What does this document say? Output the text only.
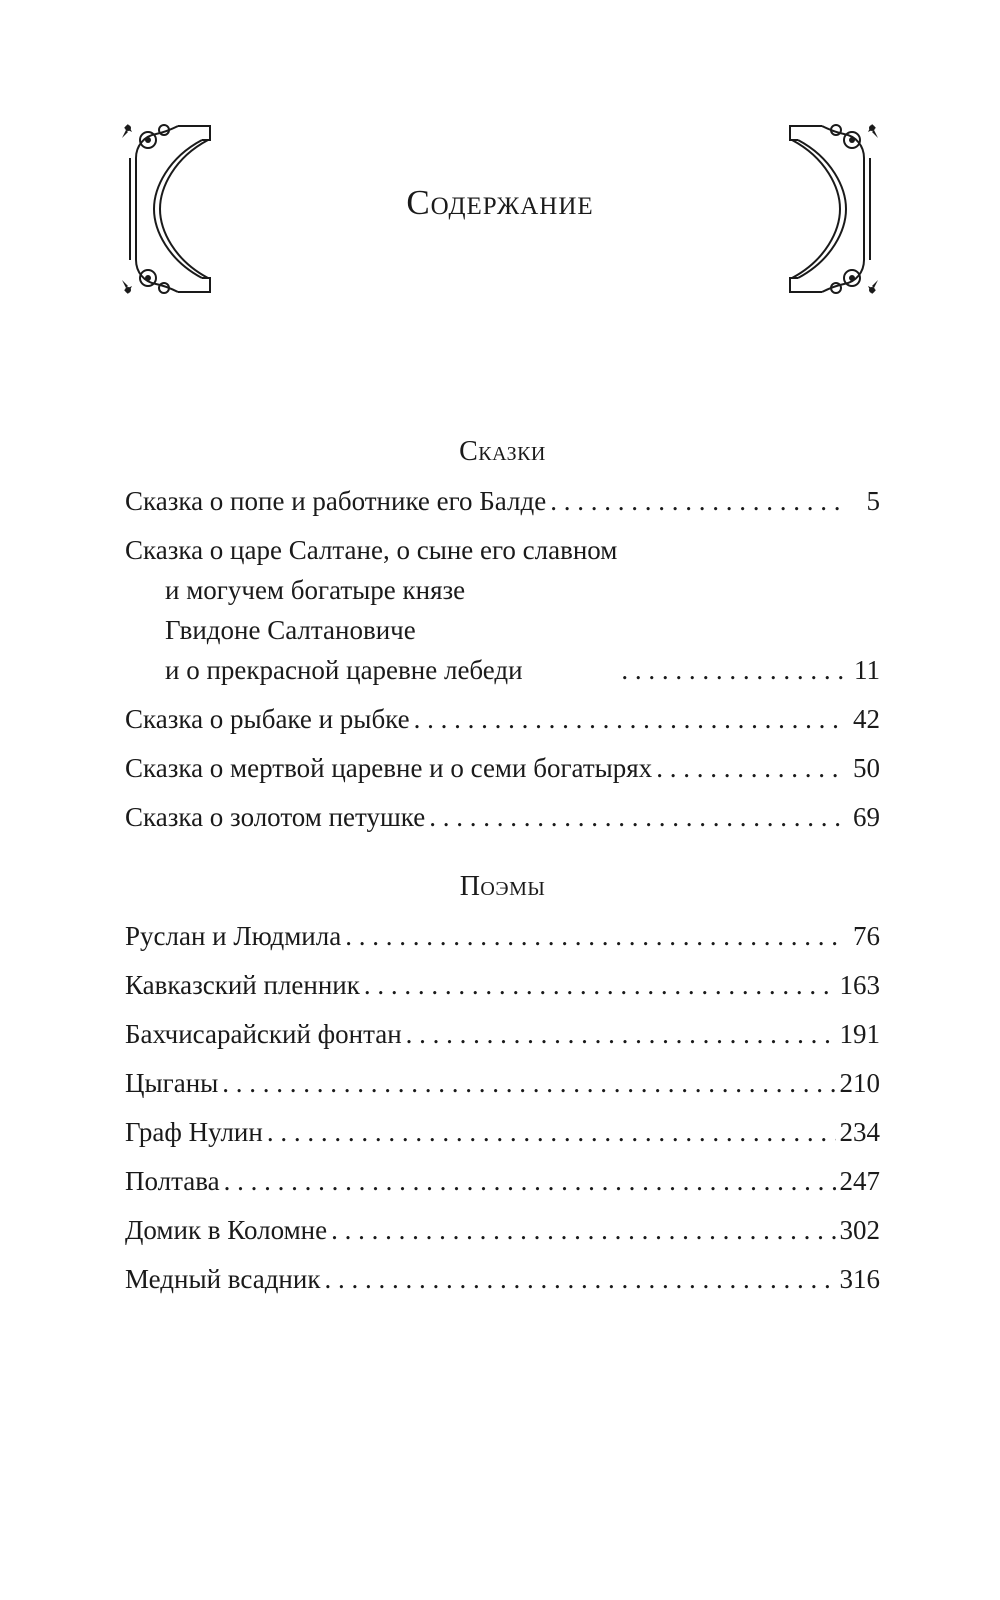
Содержание
Сказки
Сказка о попе и работнике его Балде . . .	5
Сказка о царе Салтане, о сыне его славном
и могучем богатыре князе
Гвидоне Салтановиче
и о прекрасной царевне лебеди . . .	11
Сказка о рыбаке и рыбке . . .	42
Сказка о мертвой царевне и о семи богатырях . . .	50
Сказка о золотом петушке . . .	69
Поэмы
Руслан и Людмила . . .	76
Кавказский пленник . . .	163
Бахчисарайский фонтан . . .	191
Цыганы . . .	210
Граф Нулин . . .	234
Полтава . . .	247
Домик в Коломне . . .	302
Медный всадник . . .	316
